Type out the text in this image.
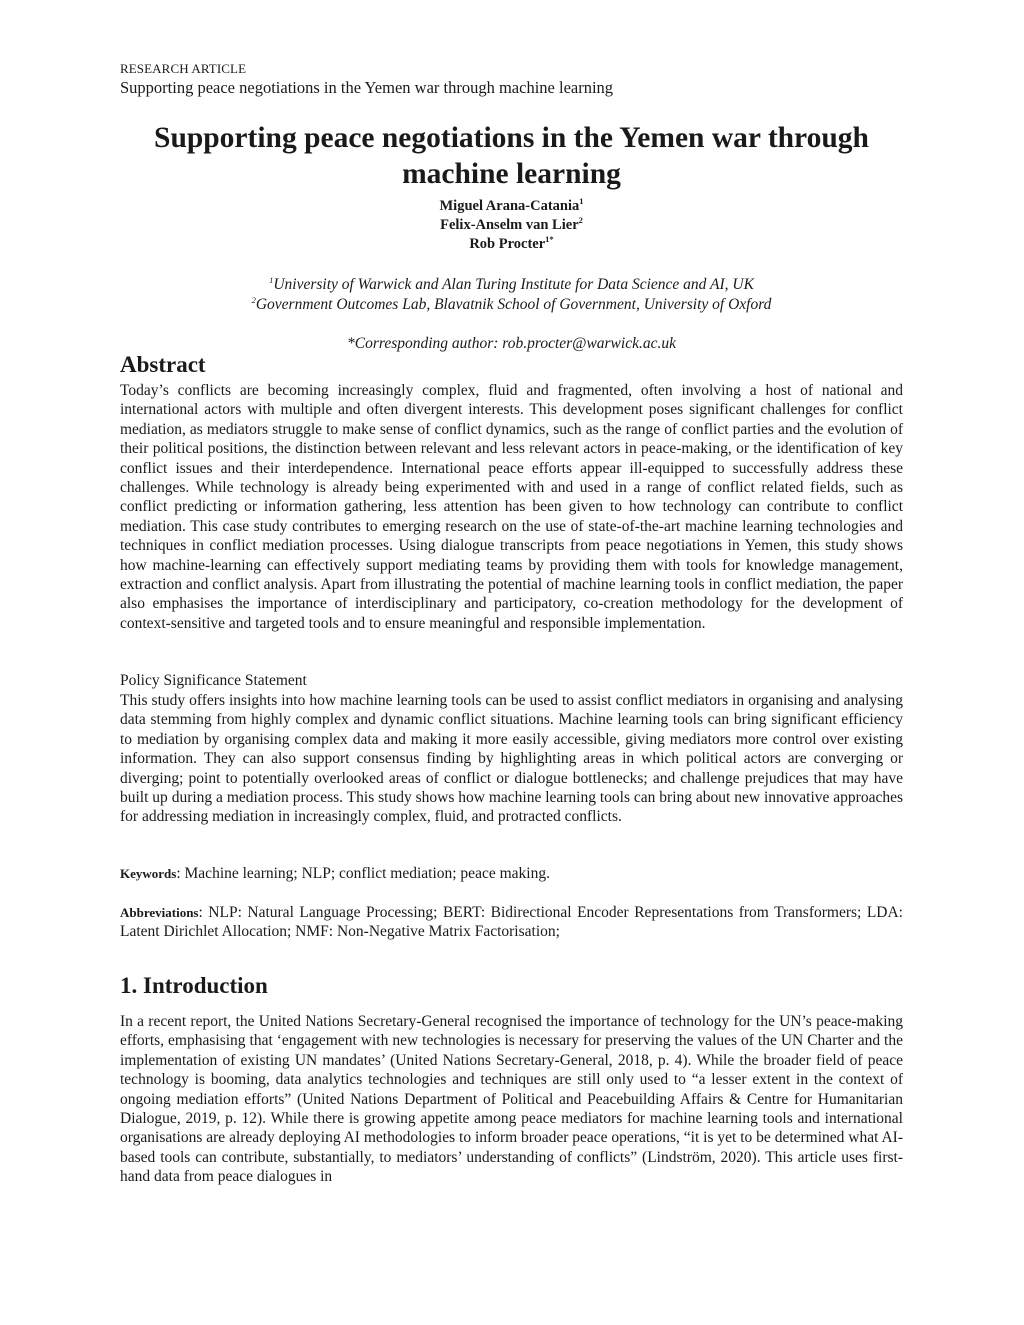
RESEARCH ARTICLE
Supporting peace negotiations in the Yemen war through machine learning
Supporting peace negotiations in the Yemen war through machine learning
Miguel Arana-Catania$^1$
Felix-Anselm van Lier$^2$
Rob Procter$^{1*}$
$^1$University of Warwick and Alan Turing Institute for Data Science and AI, UK
$^2$Government Outcomes Lab, Blavatnik School of Government, University of Oxford
*Corresponding author: rob.procter@warwick.ac.uk
Abstract

Today’s conflicts are becoming increasingly complex, fluid and fragmented, often involving a host of national and international actors with multiple and often divergent interests. This development poses significant challenges for conflict mediation, as mediators struggle to make sense of conflict dynamics, such as the range of conflict parties and the evolution of their political positions, the distinction between relevant and less relevant actors in peace-making, or the identification of key conflict issues and their interdependence. International peace efforts appear ill-equipped to successfully address these challenges. While technology is already being experimented with and used in a range of conflict related fields, such as conflict predicting or information gathering, less attention has been given to how technology can contribute to conflict mediation. This case study contributes to emerging research on the use of state-of-the-art machine learning technologies and techniques in conflict mediation processes. Using dialogue transcripts from peace negotiations in Yemen, this study shows how machine-learning can effectively support mediating teams by providing them with tools for knowledge management, extraction and conflict analysis. Apart from illustrating the potential of machine learning tools in conflict mediation, the paper also emphasises the importance of interdisciplinary and participatory, co-creation methodology for the development of context-sensitive and targeted tools and to ensure meaningful and responsible implementation.

Policy Significance Statement

This study offers insights into how machine learning tools can be used to assist conflict mediators in organising and analysing data stemming from highly complex and dynamic conflict situations. Machine learning tools can bring significant efficiency to mediation by organising complex data and making it more easily accessible, giving mediators more control over existing information. They can also support consensus finding by highlighting areas in which political actors are converging or diverging; point to potentially overlooked areas of conflict or dialogue bottlenecks; and challenge prejudices that may have built up during a mediation process. This study shows how machine learning tools can bring about new innovative approaches for addressing mediation in increasingly complex, fluid, and protracted conflicts.

Keywords: Machine learning; NLP; conflict mediation; peace making.

Abbreviations: NLP: Natural Language Processing; BERT: Bidirectional Encoder Representations from Transformers; LDA: Latent Dirichlet Allocation; NMF: Non-Negative Matrix Factorisation;

1. Introduction

In a recent report, the United Nations Secretary-General recognised the importance of technology for the UN’s peace-making efforts, emphasising that ‘engagement with new technologies is necessary for preserving the values of the UN Charter and the implementation of existing UN mandates’ (United Nations Secretary-General, 2018, p. 4). While the broader field of peace technology is booming, data analytics technologies and techniques are still only used to “a lesser extent in the context of ongoing mediation efforts” (United Nations Department of Political and Peacebuilding Affairs & Centre for Humanitarian Dialogue, 2019, p. 12). While there is growing appetite among peace mediators for machine learning tools and international organisations are already deploying AI methodologies to inform broader peace operations, “it is yet to be determined what AI-based tools can contribute, substantially, to mediators’ understanding of conflicts” (Lindström, 2020). This article uses first-hand data from peace dialogues in
